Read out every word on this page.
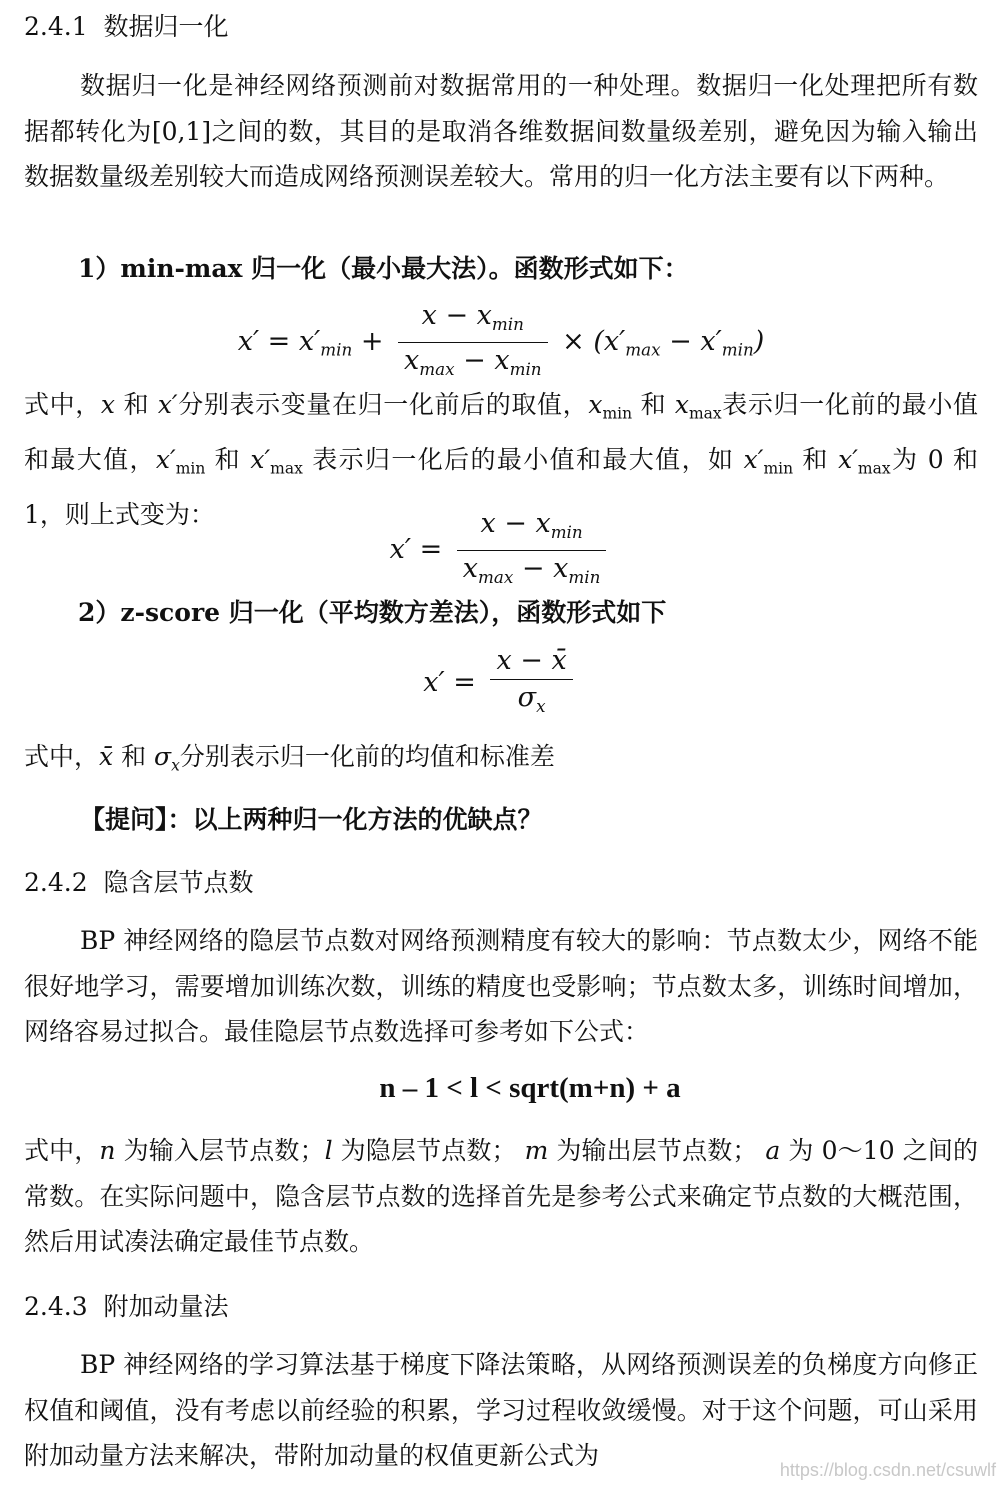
2.4.1 数据归一化
数据归一化是神经网络预测前对数据常用的一种处理。数据归一化处理把所有数据都转化为[0,1]之间的数，其目的是取消各维数据间数量级差别，避免因为输入输出数据数量级差别较大而造成网络预测误差较大。常用的归一化方法主要有以下两种。
1）min-max 归一化（最小最大法）。函数形式如下：
$x' = x'_{min} + \frac{x - x_{min}}{x_{max} - x_{min}} \times (x'_{max} - x'_{min})$
式中，x 和 x′分别表示变量在归一化前后的取值，$x_{min}$ 和 $x_{max}$表示归一化前的最小值和最大值，$x'_{min}$ 和 $x'_{max}$ 表示归一化后的最小值和最大值，如 $x'_{min}$ 和 $x'_{max}$为 0 和 1，则上式变为：
$x' = \frac{x - x_{min}}{x_{max} - x_{min}}$
2）z-score 归一化（平均数方差法），函数形式如下
$x' = \frac{x - x̄}{\sigma_x}$
式中，x̄ 和 $\sigma_x$分别表示归一化前的均值和标准差
【提问】：以上两种归一化方法的优缺点？
2.4.2 隐含层节点数
BP 神经网络的隐层节点数对网络预测精度有较大的影响：节点数太少，网络不能很好地学习，需要增加训练次数，训练的精度也受影响；节点数太多，训练时间增加，网络容易过拟合。最佳隐层节点数选择可参考如下公式：
n – 1 < l < sqrt(m+n) + a
式中，n 为输入层节点数；l 为隐层节点数； m 为输出层节点数； a 为 0～10 之间的常数。在实际问题中，隐含层节点数的选择首先是参考公式来确定节点数的大概范围，然后用试凑法确定最佳节点数。
2.4.3 附加动量法
BP 神经网络的学习算法基于梯度下降法策略，从网络预测误差的负梯度方向修正权值和阈值，没有考虑以前经验的积累，学习过程收敛缓慢。对于这个问题，可山采用附加动量方法来解决，带附加动量的权值更新公式为	https://blog.csdn.net/csuwlf
